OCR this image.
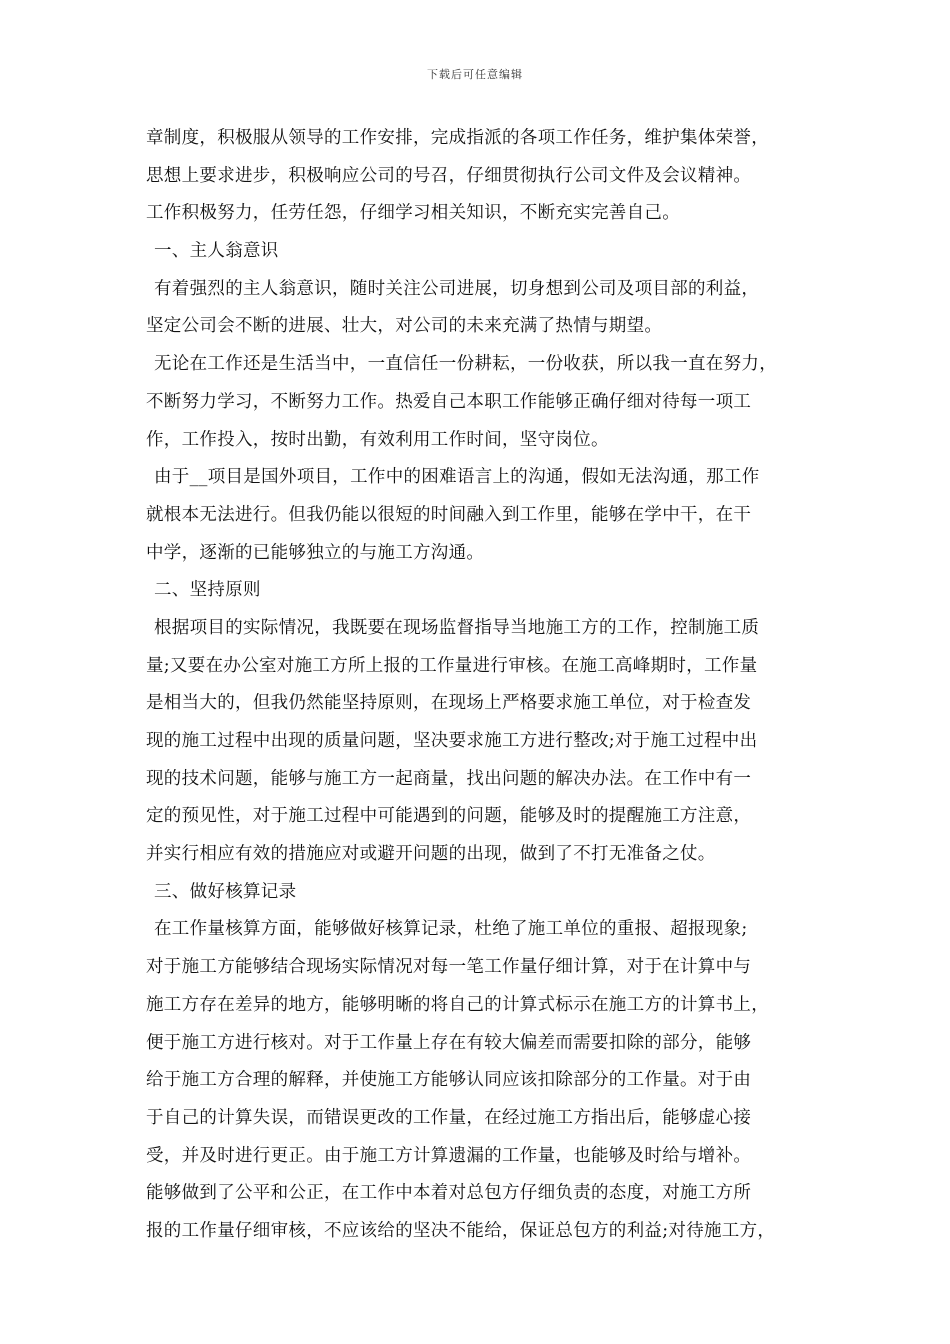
下载后可任意编辑
章制度，积极服从领导的工作安排，完成指派的各项工作任务，维护集体荣誉，
思想上要求进步，积极响应公司的号召，仔细贯彻执行公司文件及会议精神。
工作积极努力，任劳任怨，仔细学习相关知识，不断充实完善自己。
一、主人翁意识
有着强烈的主人翁意识，随时关注公司进展，切身想到公司及项目部的利益，
坚定公司会不断的进展、壮大，对公司的未来充满了热情与期望。
无论在工作还是生活当中，一直信任一份耕耘，一份收获，所以我一直在努力，
不断努力学习，不断努力工作。热爱自己本职工作能够正确仔细对待每一项工
作，工作投入，按时出勤，有效利用工作时间，坚守岗位。
由于__项目是国外项目，工作中的困难语言上的沟通，假如无法沟通，那工作
就根本无法进行。但我仍能以很短的时间融入到工作里，能够在学中干，在干
中学，逐渐的已能够独立的与施工方沟通。
二、坚持原则
根据项目的实际情况，我既要在现场监督指导当地施工方的工作，控制施工质
量;又要在办公室对施工方所上报的工作量进行审核。在施工高峰期时，工作量
是相当大的，但我仍然能坚持原则，在现场上严格要求施工单位，对于检查发
现的施工过程中出现的质量问题，坚决要求施工方进行整改;对于施工过程中出
现的技术问题，能够与施工方一起商量，找出问题的解决办法。在工作中有一
定的预见性，对于施工过程中可能遇到的问题，能够及时的提醒施工方注意，
并实行相应有效的措施应对或避开问题的出现，做到了不打无准备之仗。
三、做好核算记录
在工作量核算方面，能够做好核算记录，杜绝了施工单位的重报、超报现象;
对于施工方能够结合现场实际情况对每一笔工作量仔细计算，对于在计算中与
施工方存在差异的地方，能够明晰的将自己的计算式标示在施工方的计算书上，
便于施工方进行核对。对于工作量上存在有较大偏差而需要扣除的部分，能够
给于施工方合理的解释，并使施工方能够认同应该扣除部分的工作量。对于由
于自己的计算失误，而错误更改的工作量，在经过施工方指出后，能够虚心接
受，并及时进行更正。由于施工方计算遗漏的工作量，也能够及时给与增补。
能够做到了公平和公正，在工作中本着对总包方仔细负责的态度，对施工方所
报的工作量仔细审核，不应该给的坚决不能给，保证总包方的利益;对待施工方，
